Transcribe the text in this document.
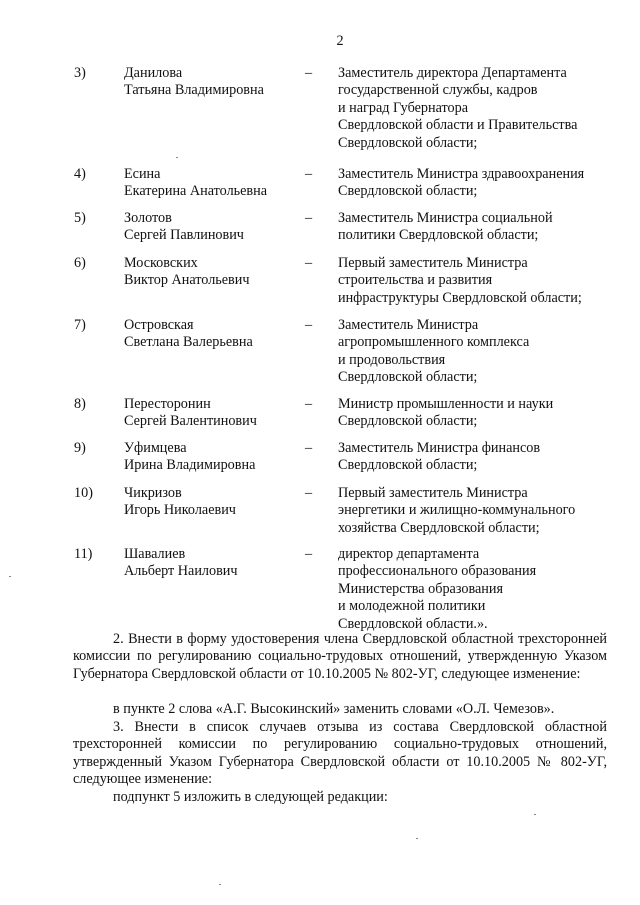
2
3)	Данилова
Татьяна Владимировна
– Заместитель директора Департамента
государственной службы, кадров
и наград Губернатора
Свердловской области и Правительства
Свердловской области;
4)	Есина
Екатерина Анатольевна
– Заместитель Министра здравоохранения
Свердловской области;
5)	Золотов
Сергей Павлинович
– Заместитель Министра социальной
политики Свердловской области;
6)	Московских
Виктор Анатольевич
– Первый заместитель Министра
строительства и развития
инфраструктуры Свердловской области;
7)	Островская
Светлана Валерьевна
– Заместитель Министра
агропромышленного комплекса
и продовольствия
Свердловской области;
8)	Пересторонин
Сергей Валентинович
– Министр промышленности и науки
Свердловской области;
9)	Уфимцева
Ирина Владимировна
– Заместитель Министра финансов
Свердловской области;
10) Чикризов
Игорь Николаевич
– Первый заместитель Министра
энергетики и жилищно-коммунального
хозяйства Свердловской области;
11) Шавалиев
Альберт Наилович
– директор департамента
профессионального образования
Министерства образования
и молодежной политики
Свердловской области.».
2. Внести в форму удостоверения члена Свердловской областной трехсторонней комиссии по регулированию социально-трудовых отношений, утвержденную Указом Губернатора Свердловской области от 10.10.2005 № 802-УГ, следующее изменение:
в пункте 2 слова «А.Г. Высокинский» заменить словами «О.Л. Чемезов».
3. Внести в список случаев отзыва из состава Свердловской областной трехсторонней комиссии по регулированию социально-трудовых отношений, утвержденный Указом Губернатора Свердловской области от 10.10.2005 № 802-УГ, следующее изменение:
подпункт 5 изложить в следующей редакции:
